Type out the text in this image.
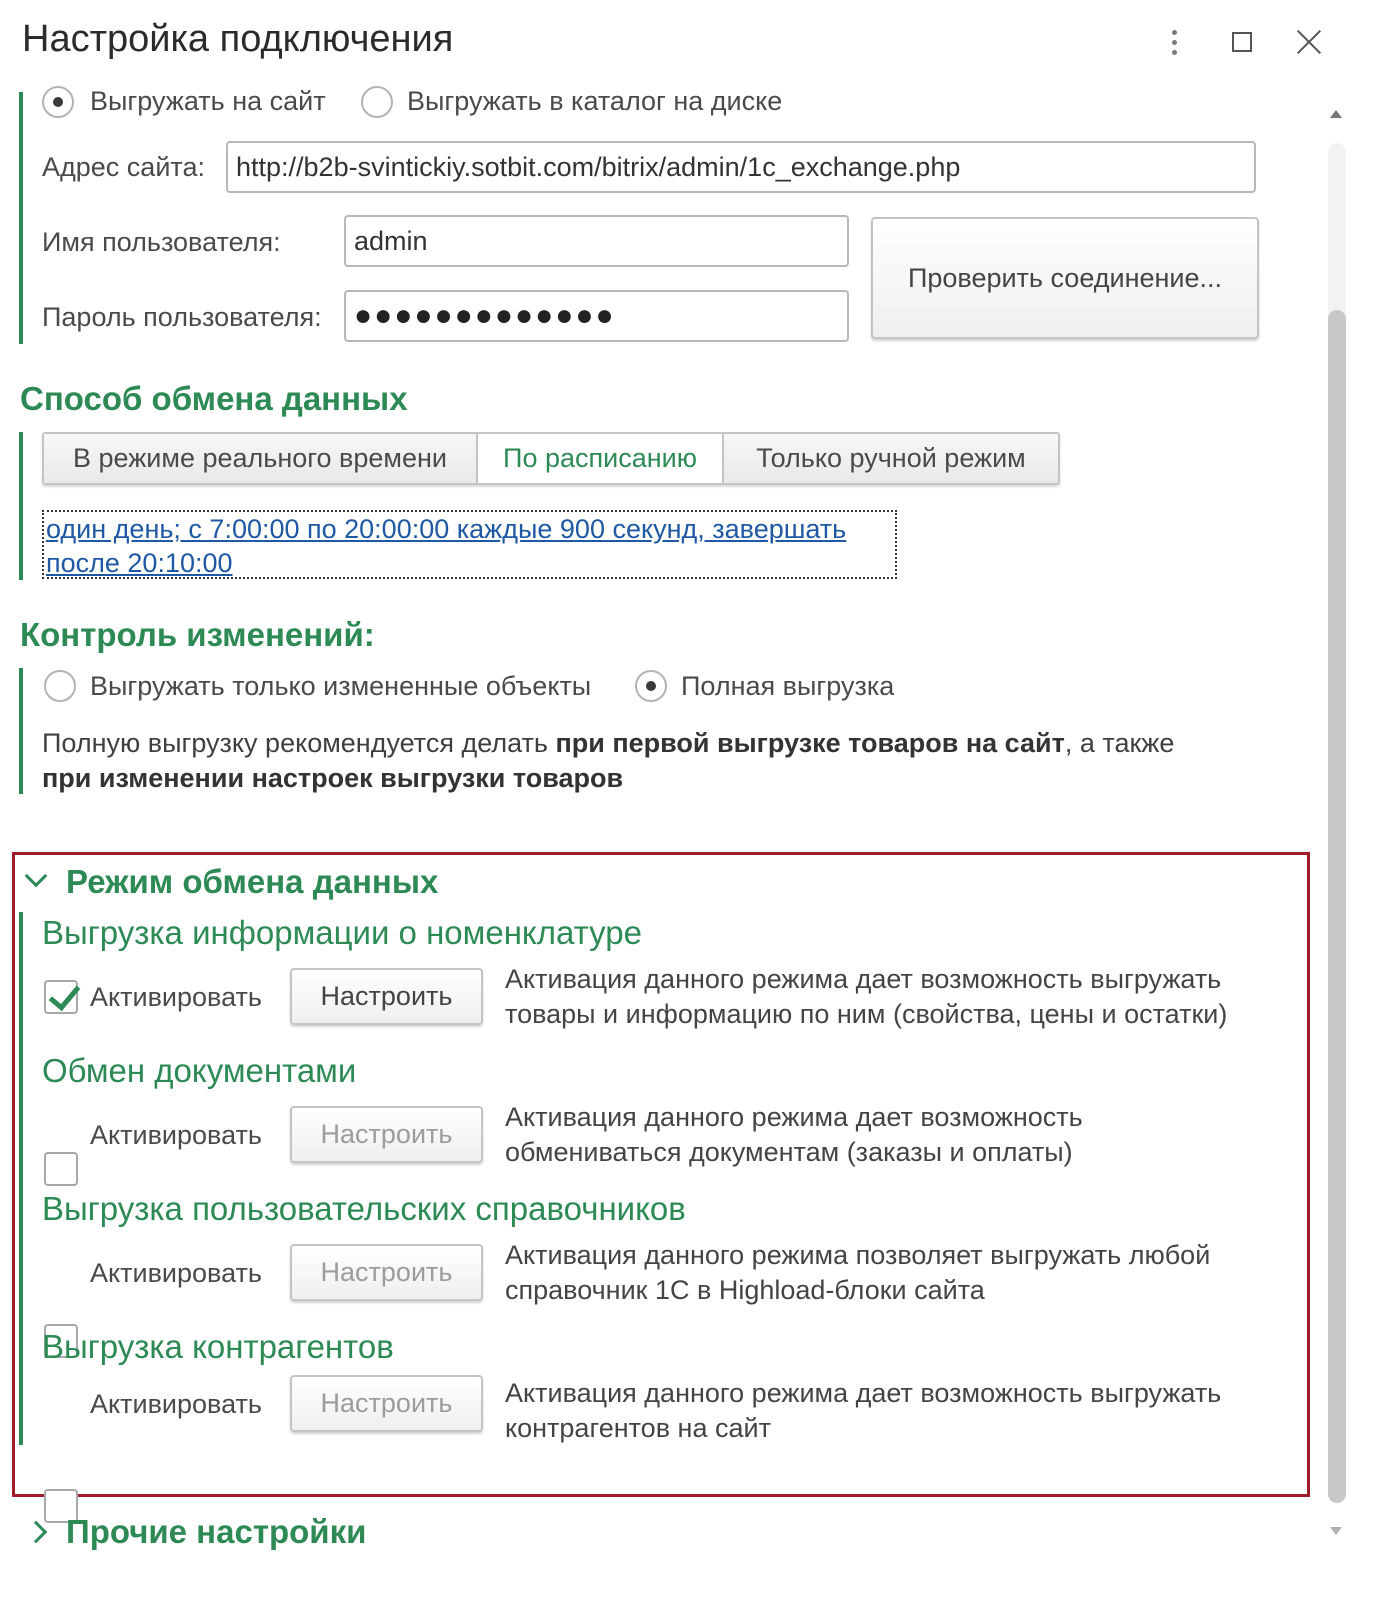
Настройка подключения
Выгружать на сайт	Выгружать в каталог на диске
Адрес сайта:	http://b2b-svintickiy.sotbit.com/bitrix/admin/1c_exchange.php
Имя пользователя:	admin
Пароль пользователя:	●●●●●●●●●●●●●
Проверить соединение...
Способ обмена данных
В режиме реального времени	По расписанию	Только ручной режим
один день; с 7:00:00 по 20:00:00 каждые 900 секунд, завершать
после 20:10:00
Контроль изменений:
Выгружать только измененные объекты	Полная выгрузка
Полную выгрузку рекомендуется делать при первой выгрузке товаров на сайт, а также
при изменении настроек выгрузки товаров
Режим обмена данных
Выгрузка информации о номенклатуре
Активировать	Настроить
Активация данного режима дает возможность выгружать
товары и информацию по ним (свойства, цены и остатки)
Обмен документами
Активировать	Настроить
Активация данного режима дает возможность
обмениваться документам (заказы и оплаты)
Выгрузка пользовательских справочников
Активировать	Настроить
Активация данного режима позволяет выгружать любой
справочник 1С в Highload-блоки сайта
Выгрузка контрагентов
Активировать	Настроить	Активация данного режима дает возможность выгружать
контрагентов на сайт
Прочие настройки
